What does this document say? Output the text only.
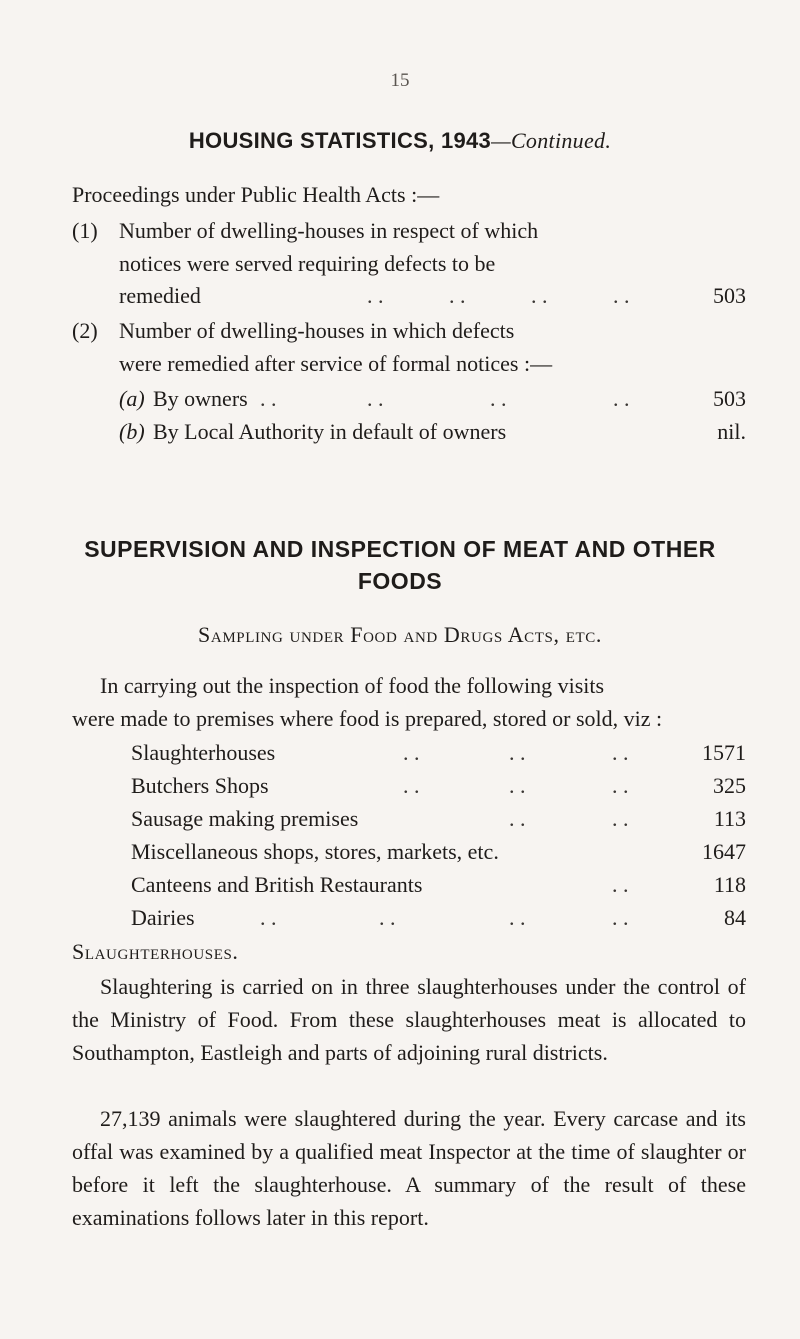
15
HOUSING STATISTICS, 1943—Continued.
Proceedings under Public Health Acts :—
(1) Number of dwelling-houses in respect of which
notices were served requiring defects to be
remedied	. .	. .	. .	. .	503
(2) Number of dwelling-houses in which defects
were remedied after service of formal notices :—
(a) By owners . .	. .	. .	. .	503
(b) By Local Authority in default of owners	nil.
SUPERVISION AND INSPECTION OF MEAT AND OTHER
FOODS
Sampling under Food and Drugs Acts, etc.
In carrying out the inspection of food the following visits
were made to premises where food is prepared, stored or sold, viz :
Slaughterhouses	. .	. .	. .	1571
Butchers Shops	. .	. .	. .	325
Sausage making premises	. .	. .	113
Miscellaneous shops, stores, markets, etc.	1647
Canteens and British Restaurants	. .	118
Dairies	. .	. .	. .	. .	84
Slaughterhouses.

Slaughtering is carried on in three slaughterhouses under the control of the Ministry of Food. From these slaughterhouses meat is allocated to Southampton, Eastleigh and parts of adjoining rural districts.

27,139 animals were slaughtered during the year. Every carcase and its offal was examined by a qualified meat Inspector at the time of slaughter or before it left the slaughterhouse. A summary of the result of these examinations follows later in this report.
